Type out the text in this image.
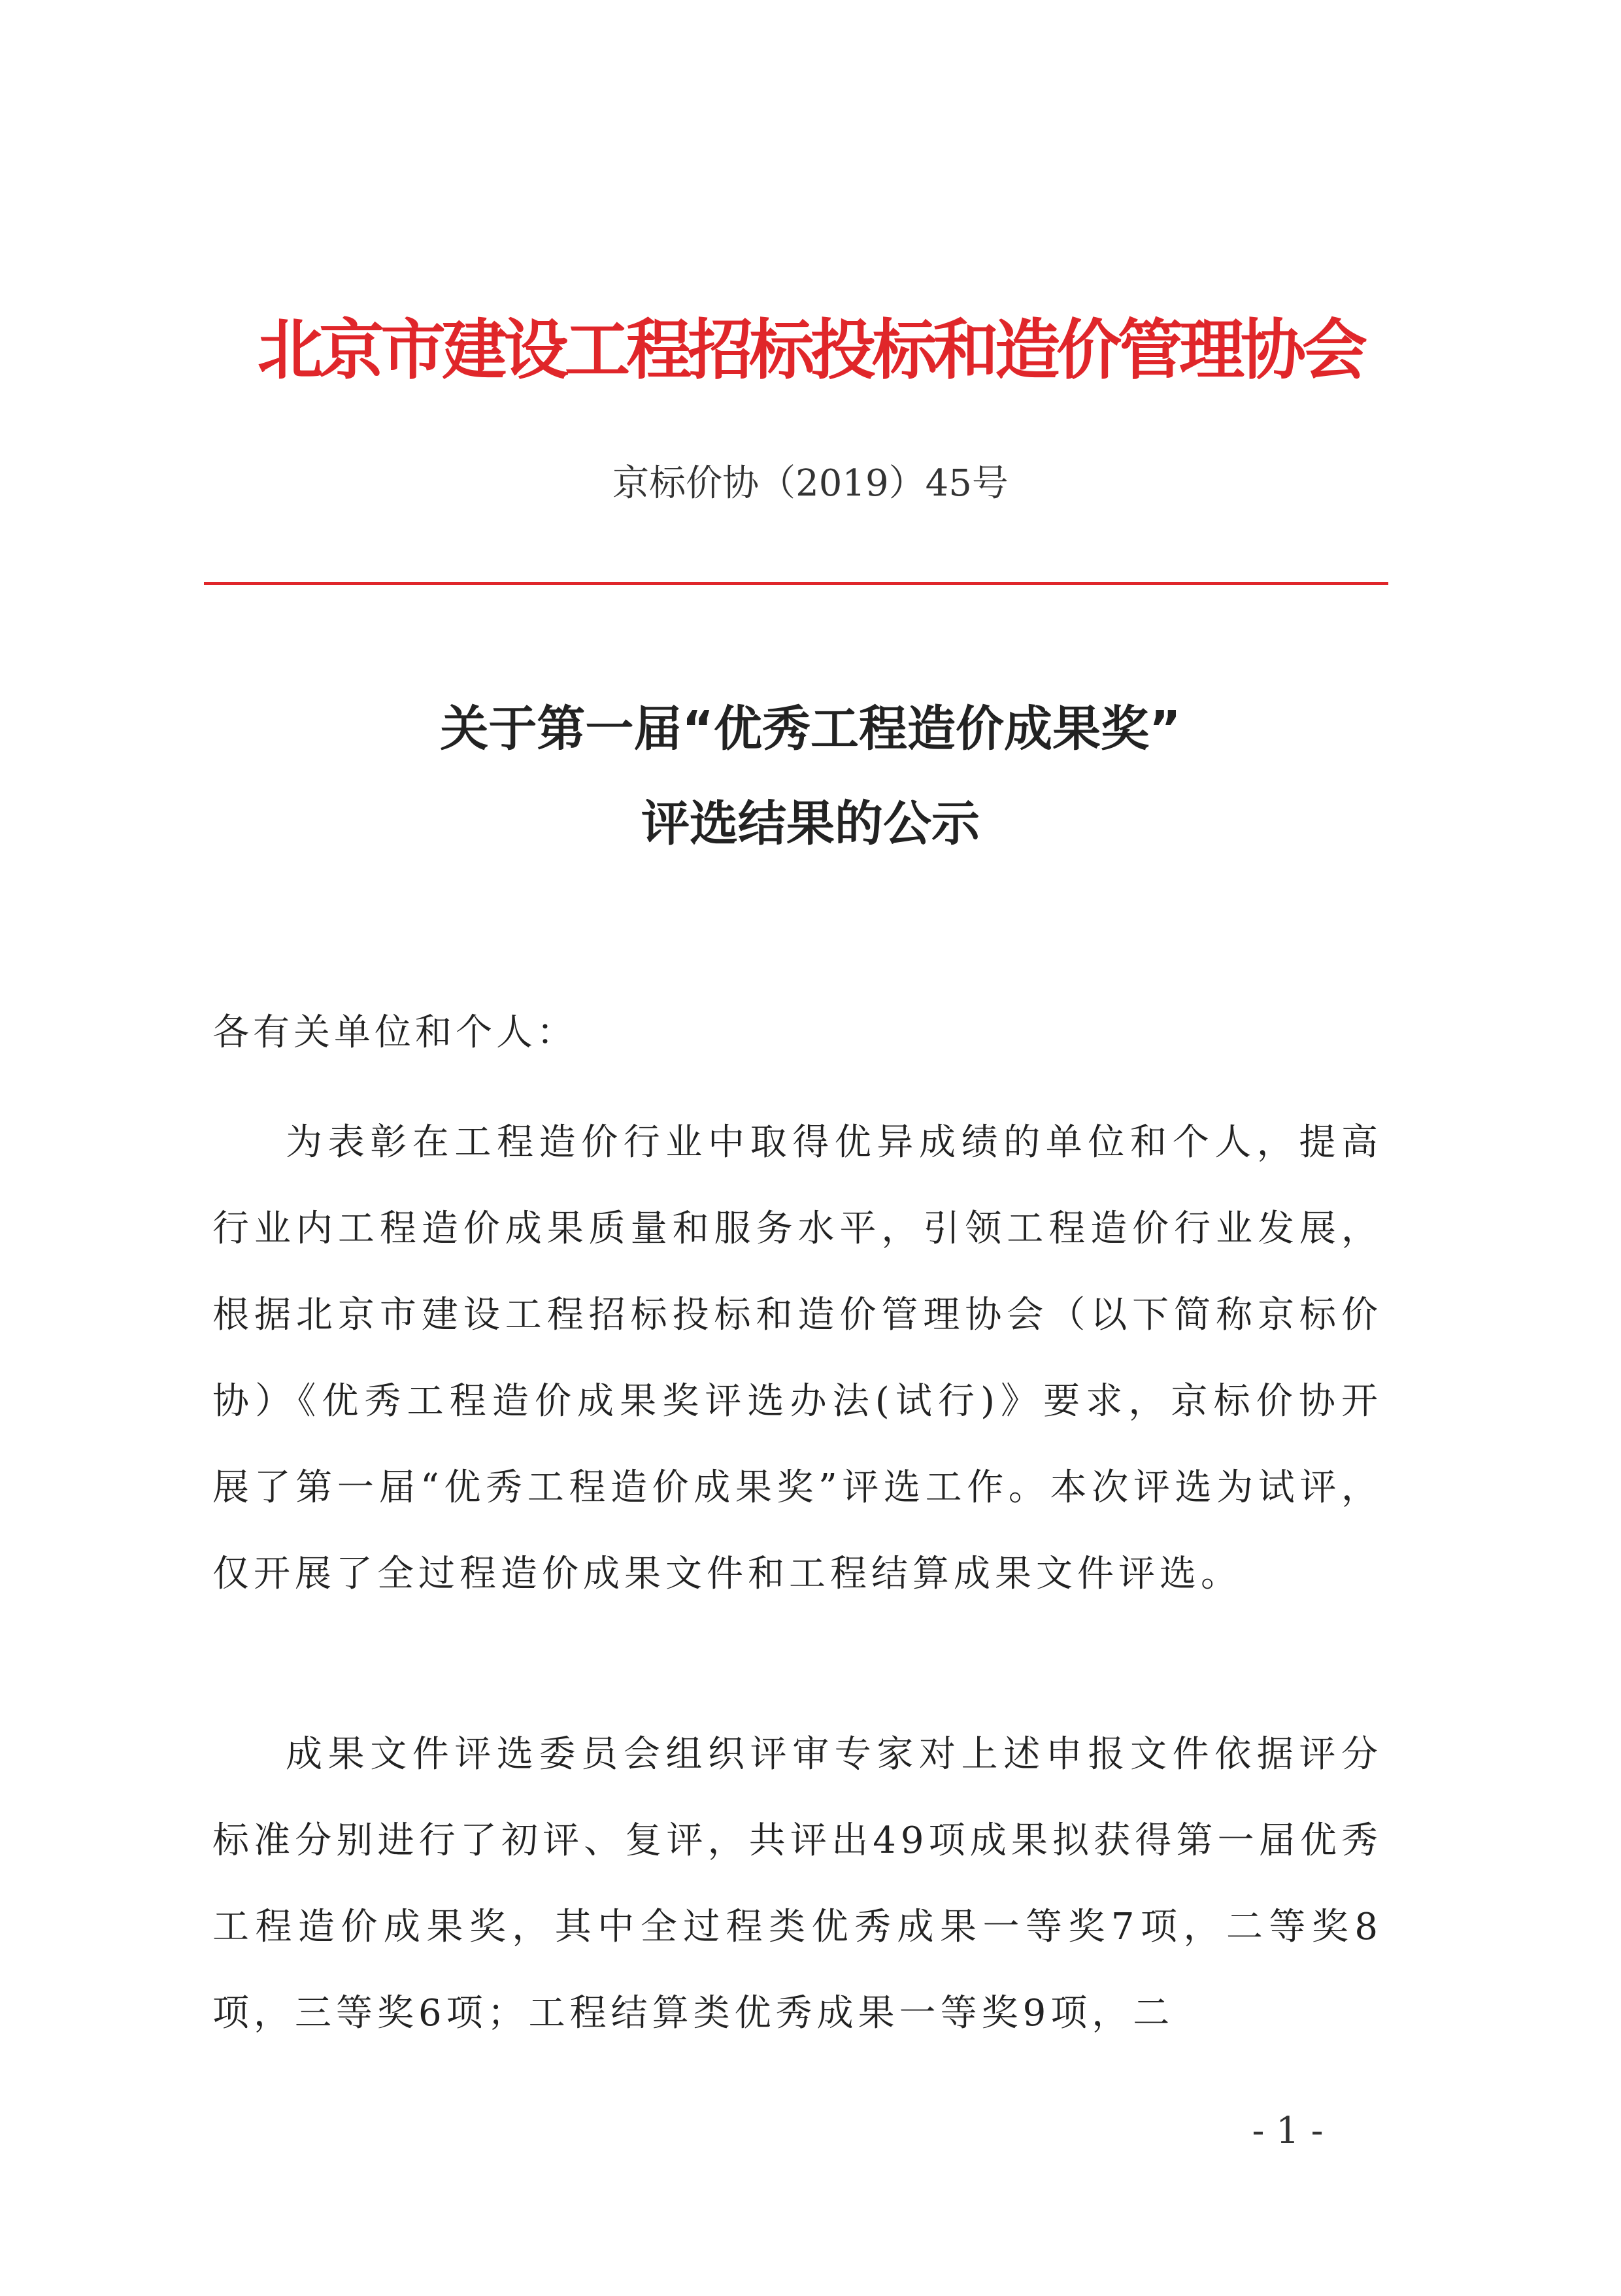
北京市建设工程招标投标和造价管理协会
京标价协（2019）45号
关于第一届“优秀工程造价成果奖”
评选结果的公示
各有关单位和个人：

为表彰在工程造价行业中取得优异成绩的单位和个人，提高行业内工程造价成果质量和服务水平，引领工程造价行业发展，根据北京市建设工程招标投标和造价管理协会（以下简称京标价协）《优秀工程造价成果奖评选办法(试行)》要求，京标价协开展了第一届“优秀工程造价成果奖”评选工作。本次评选为试评，仅开展了全过程造价成果文件和工程结算成果文件评选。

成果文件评选委员会组织评审专家对上述申报文件依据评分标准分别进行了初评、复评，共评出49项成果拟获得第一届优秀工程造价成果奖，其中全过程类优秀成果一等奖7项，二等奖8项，三等奖6项；工程结算类优秀成果一等奖9项，二

- 1 -
